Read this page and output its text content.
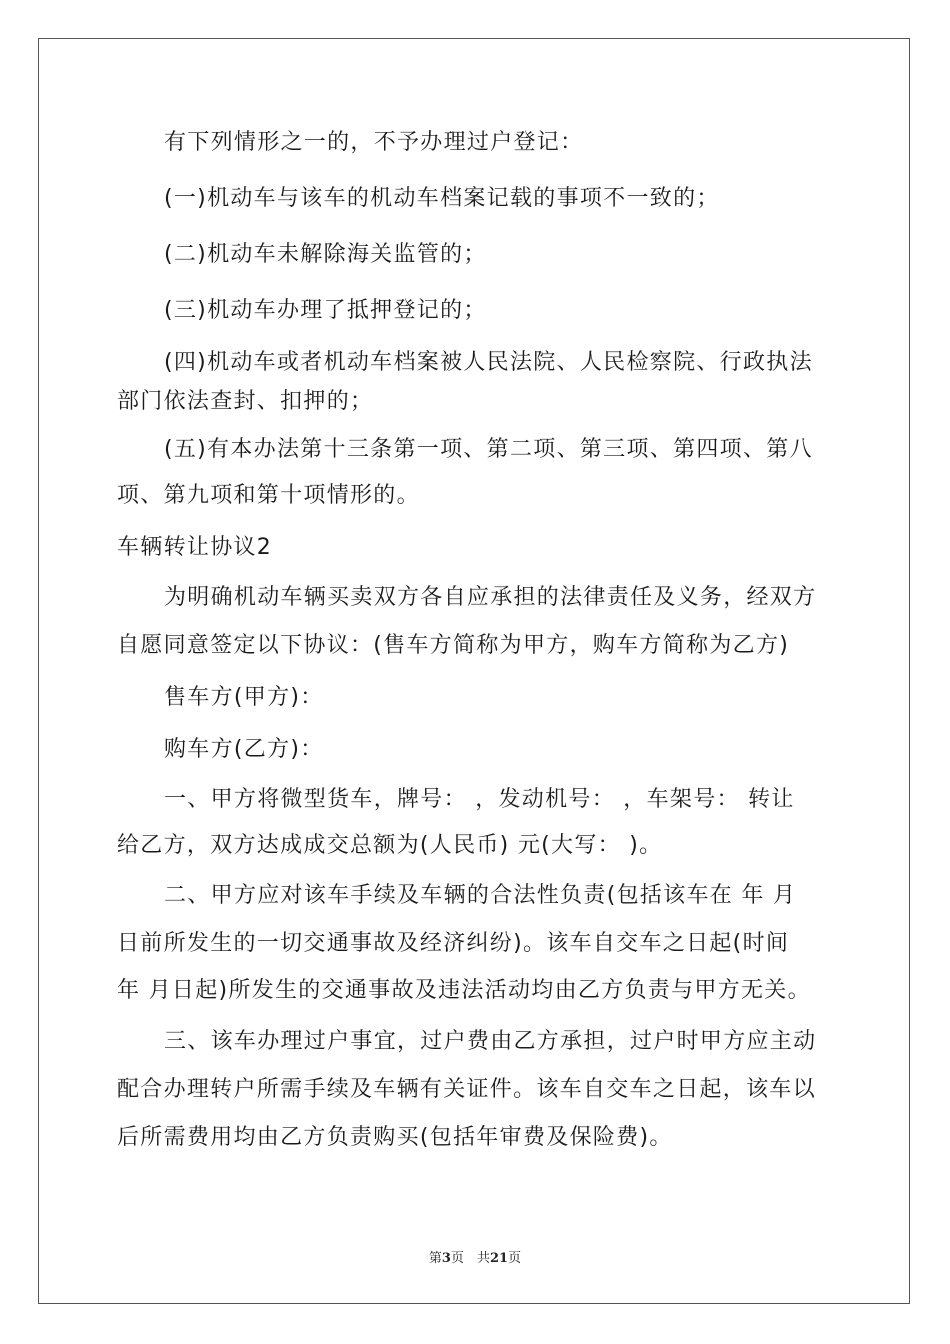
有下列情形之一的，不予办理过户登记：
(一)机动车与该车的机动车档案记载的事项不一致的；
(二)机动车未解除海关监管的；
(三)机动车办理了抵押登记的；
(四)机动车或者机动车档案被人民法院、人民检察院、行政执法
部门依法查封、扣押的；
(五)有本办法第十三条第一项、第二项、第三项、第四项、第八
项、第九项和第十项情形的。
车辆转让协议2
为明确机动车辆买卖双方各自应承担的法律责任及义务，经双方
自愿同意签定以下协议：(售车方简称为甲方，购车方简称为乙方)
售车方(甲方)：
购车方(乙方)：
一、甲方将微型货车，牌号： ，发动机号： ，车架号： 转让
给乙方，双方达成成交总额为(人民币) 元(大写： )。
二、甲方应对该车手续及车辆的合法性负责(包括该车在 年 月
日前所发生的一切交通事故及经济纠纷)。该车自交车之日起(时间
年 月日起)所发生的交通事故及违法活动均由乙方负责与甲方无关。
三、该车办理过户事宜，过户费由乙方承担，过户时甲方应主动
配合办理转户所需手续及车辆有关证件。该车自交车之日起，该车以
后所需费用均由乙方负责购买(包括年审费及保险费)。
第3页　共21页
